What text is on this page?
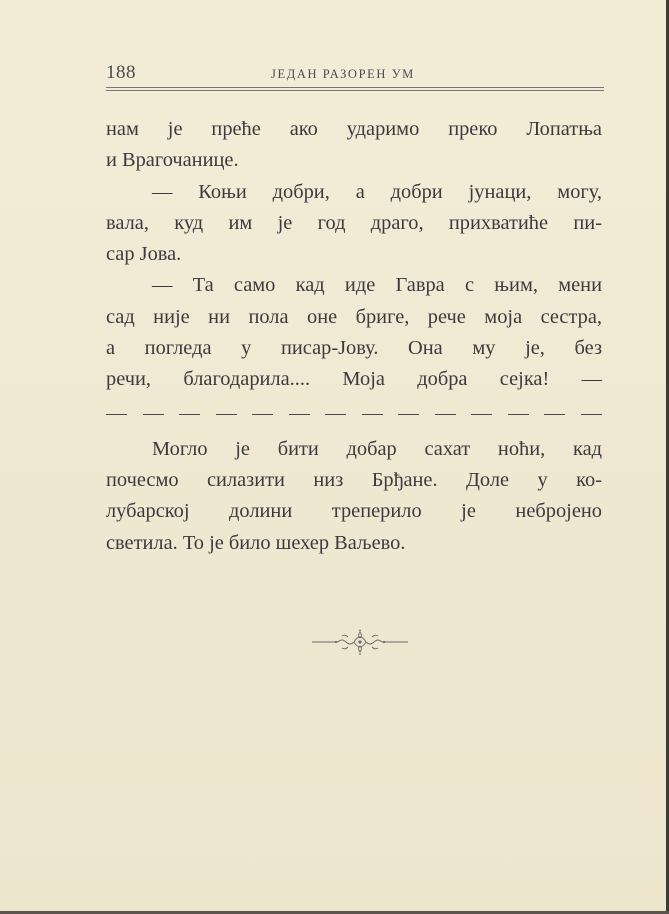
188	ЈЕДАН РАЗОРЕН УМ
нам је преће ако ударимо преко Лопатња
и Врагочанице.
— Коњи добри, а добри јунаци, могу,
вала, куд им је год драго, прихватиће пи-
сар Јова.
— Та само кад иде Гавра с њим, мени
сад није ни пола оне бриге, рече моја сестра,
а погледа у писар-Јову. Она му је, без
речи, благодарила.... Моја добра сејка! —
Могло је бити добар сахат ноћи, кад
почесмо силазити низ Брђане. Доле у ко-
лубарској долини треперило је небројено
светила. То је било шехер Ваљево.
